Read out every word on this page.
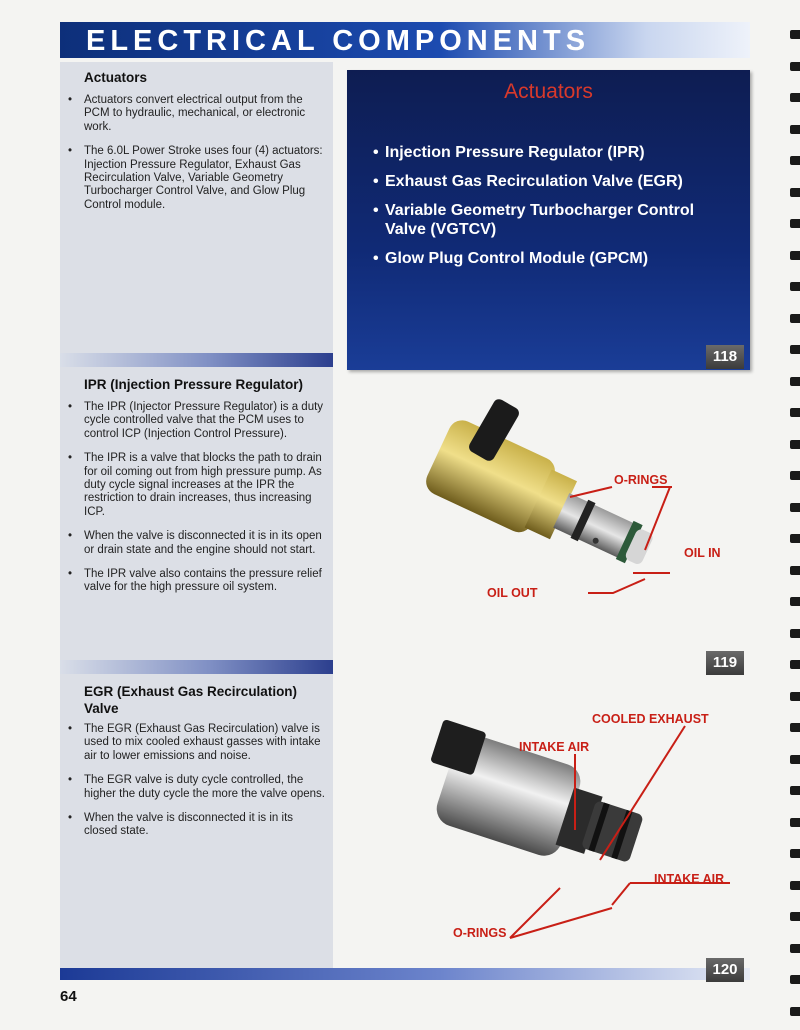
ELECTRICAL COMPONENTS
Actuators
• Actuators convert electrical output from the PCM to hydraulic, mechanical, or electronic work.
• The 6.0L Power Stroke uses four (4) actuators: Injection Pressure Regulator, Exhaust Gas Recirculation Valve, Variable Geometry Turbocharger Control Valve, and Glow Plug Control module.
IPR (Injection Pressure Regulator)
• The IPR (Injector Pressure Regulator) is a duty cycle controlled valve that the PCM uses to control ICP (Injection Control Pressure).
• The IPR is a valve that blocks the path to drain for oil coming out from high pressure pump. As duty cycle signal increases at the IPR the restriction to drain increases, thus increasing ICP.
• When the valve is disconnected it is in its open or drain state and the engine should not start.
• The IPR valve also contains the pressure relief valve for the high pressure oil system.
EGR (Exhaust Gas Recirculation) Valve
• The EGR (Exhaust Gas Recirculation) valve is used to mix cooled exhaust gasses with intake air to lower emissions and noise.
• The EGR valve is duty cycle controlled, the higher the duty cycle the more the valve opens.
• When the valve is disconnected it is in its closed state.
Actuators
• Injection Pressure Regulator (IPR)
• Exhaust Gas Recirculation Valve (EGR)
• Variable Geometry Turbocharger Control Valve (VGTCV)
• Glow Plug Control Module (GPCM)
118
O-RINGS
OIL IN
OIL OUT
119
COOLED EXHAUST
INTAKE AIR
INTAKE AIR
O-RINGS
120
64
